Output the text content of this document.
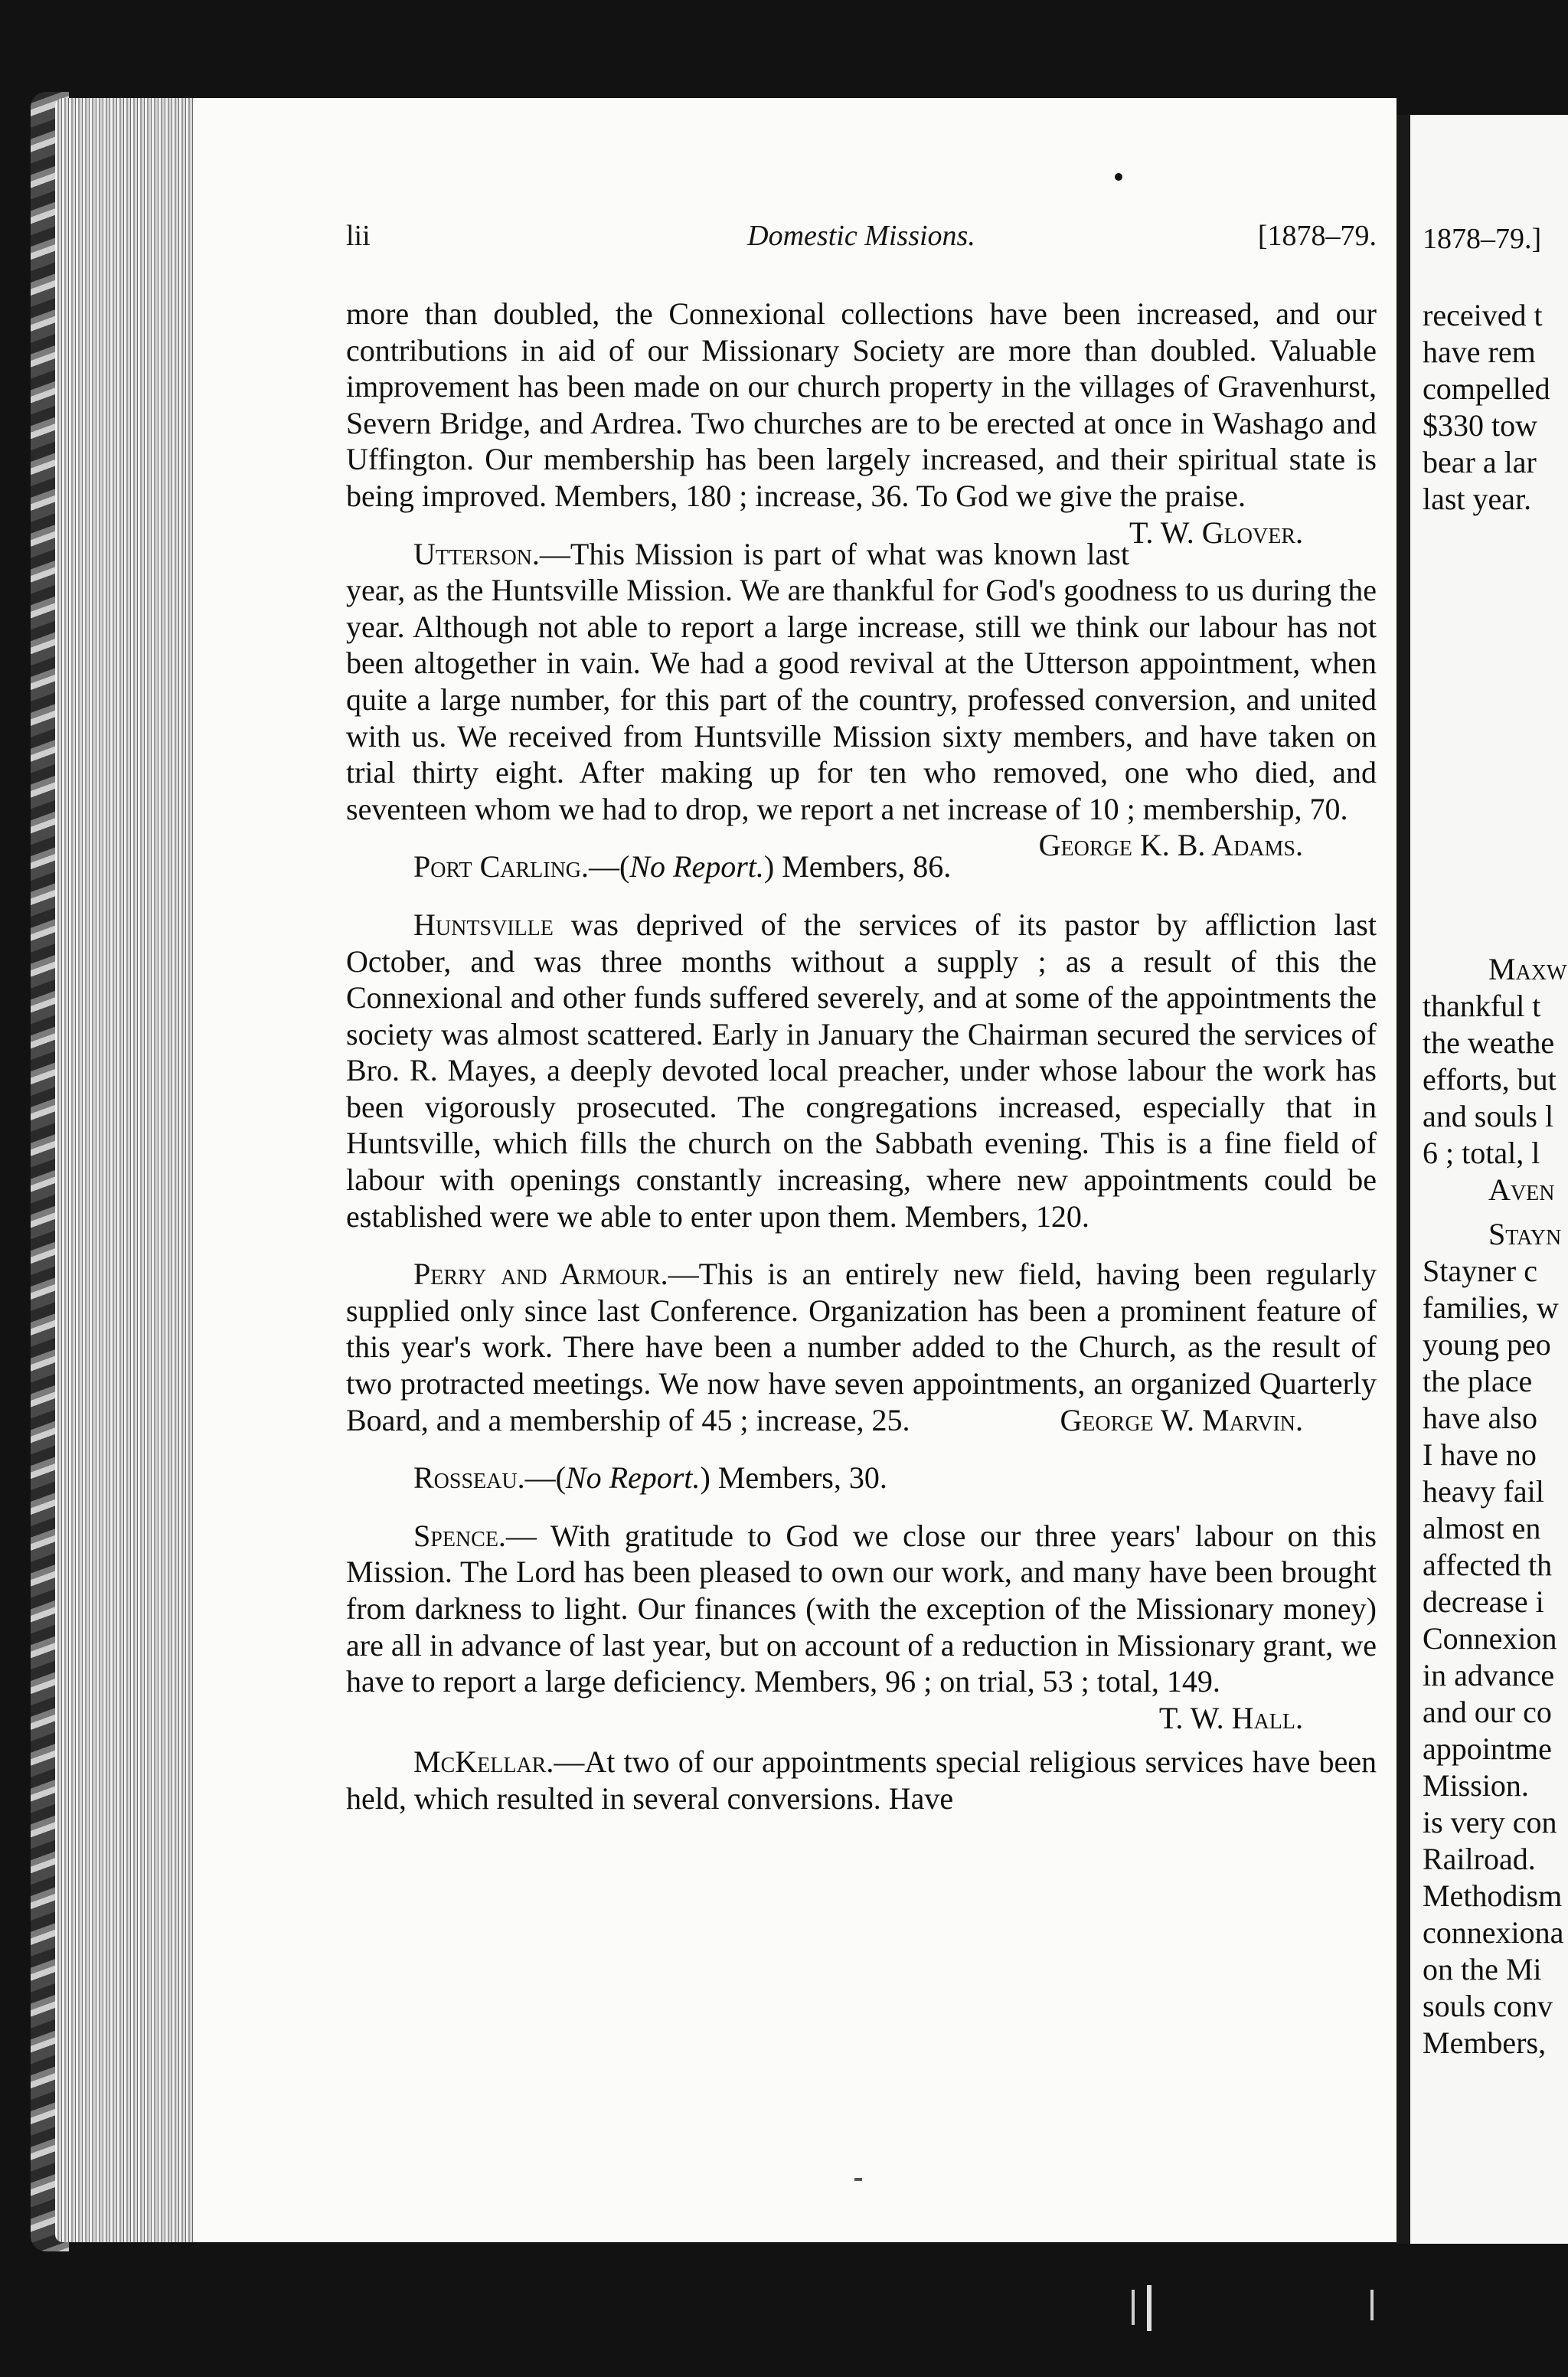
lii	Domestic Missions.	[1878–79.

more than doubled, the Connexional collections have been increased, and our contributions in aid of our Missionary Society are more than doubled. Valuable improvement has been made on our church property in the villages of Gravenhurst, Severn Bridge, and Ardrea. Two churches are to be erected at once in Washago and Uffington. Our membership has been largely increased, and their spiritual state is being improved. Members, 180 ; increase, 36. To God we give the praise.
T. W. Glover.

Utterson.—This Mission is part of what was known last year, as the Huntsville Mission. We are thankful for God's goodness to us during the year. Although not able to report a large increase, still we think our labour has not been altogether in vain. We had a good revival at the Utterson appointment, when quite a large number, for this part of the country, professed conversion, and united with us. We received from Huntsville Mission sixty members, and have taken on trial thirty eight. After making up for ten who removed, one who died, and seventeen whom we had to drop, we report a net increase of 10 ; membership, 70.
George K. B. Adams.

Port Carling.—(No Report.) Members, 86.

Huntsville was deprived of the services of its pastor by affliction last October, and was three months without a supply ; as a result of this the Connexional and other funds suffered severely, and at some of the appointments the society was almost scattered. Early in January the Chairman secured the services of Bro. R. Mayes, a deeply devoted local preacher, under whose labour the work has been vigorously prosecuted. The congregations increased, especially that in Huntsville, which fills the church on the Sabbath evening. This is a fine field of labour with openings constantly increasing, where new appointments could be established were we able to enter upon them. Members, 120.

Perry and Armour.—This is an entirely new field, having been regularly supplied only since last Conference. Organization has been a prominent feature of this year's work. There have been a number added to the Church, as the result of two protracted meetings. We now have seven appointments, an organized Quarterly Board, and a membership of 45 ; increase, 25.	George W. Marvin.

Rosseau.—(No Report.) Members, 30.

Spence.— With gratitude to God we close our three years' labour on this Mission. The Lord has been pleased to own our work, and many have been brought from darkness to light. Our finances (with the exception of the Missionary money) are all in advance of last year, but on account of a reduction in Missionary grant, we have to report a large deficiency. Members, 96 ; on trial, 53 ; total, 149.

T. W. Hall.

McKellar.—At two of our appointments special religious services have been held, which resulted in several conversions. Have

1878–79.]
received t
have rem
compelled
$330 tow
bear a lar
last year.
Maxw
thankful t
the weathe
efforts, but
and souls l
6 ; total, l
Aven
Stayn
Stayner c
families, w
young peo
the place
have also
I have no
heavy fail
almost en
affected th
decrease i
Connexion
in advance
and our co
appointme
Mission.
is very con
Railroad.
Methodism
connexiona
on the Mi
souls conv
Members,
